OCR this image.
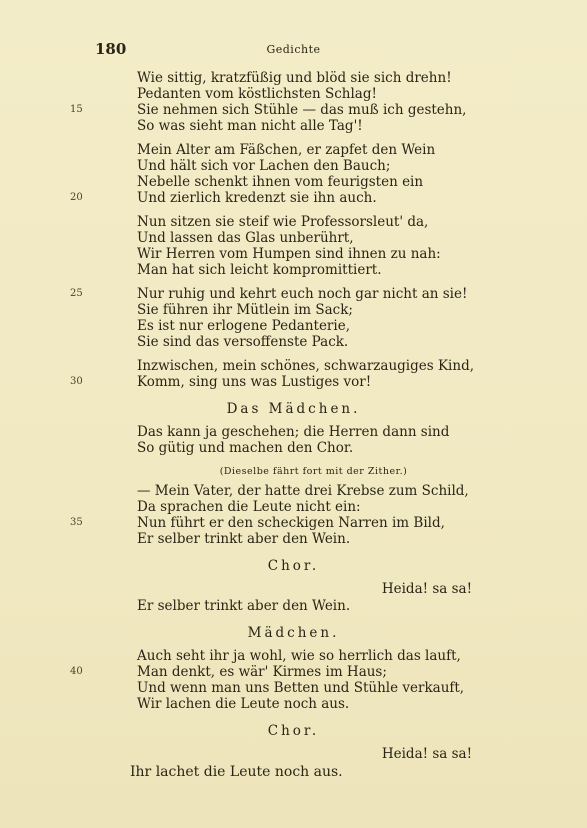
180	Gedichte
Wie sittig, kratzfüßig und blöd sie sich drehn!
Pedanten vom köstlichsten Schlag!
15	Sie nehmen sich Stühle — das muß ich gestehn,
So was sieht man nicht alle Tag'!
Mein Alter am Fäßchen, er zapfet den Wein
Und hält sich vor Lachen den Bauch;
Nebelle schenkt ihnen vom feurigsten ein
20	Und zierlich kredenzt sie ihn auch.
Nun sitzen sie steif wie Professorsleut' da,
Und lassen das Glas unberührt,
Wir Herren vom Humpen sind ihnen zu nah:
Man hat sich leicht kompromittiert.
25	Nur ruhig und kehrt euch noch gar nicht an sie!
Sie führen ihr Mütlein im Sack;
Es ist nur erlogene Pedanterie,
Sie sind das versoffenste Pack.
Inzwischen, mein schönes, schwarzaugiges Kind,
30	Komm, sing uns was Lustiges vor!
Das Mädchen.
Das kann ja geschehen; die Herren dann sind
So gütig und machen den Chor.
(Dieselbe fährt fort mit der Zither.)
— Mein Vater, der hatte drei Krebse zum Schild,
Da sprachen die Leute nicht ein:
35	Nun führt er den scheckigen Narren im Bild,
Er selber trinkt aber den Wein.
Chor.
Heida! sa sa!
Er selber trinkt aber den Wein.
Mädchen.
Auch seht ihr ja wohl, wie so herrlich das lauft,
40	Man denkt, es wär' Kirmes im Haus;
Und wenn man uns Betten und Stühle verkauft,
Wir lachen die Leute noch aus.
Chor.
Heida! sa sa!
Ihr lachet die Leute noch aus.
